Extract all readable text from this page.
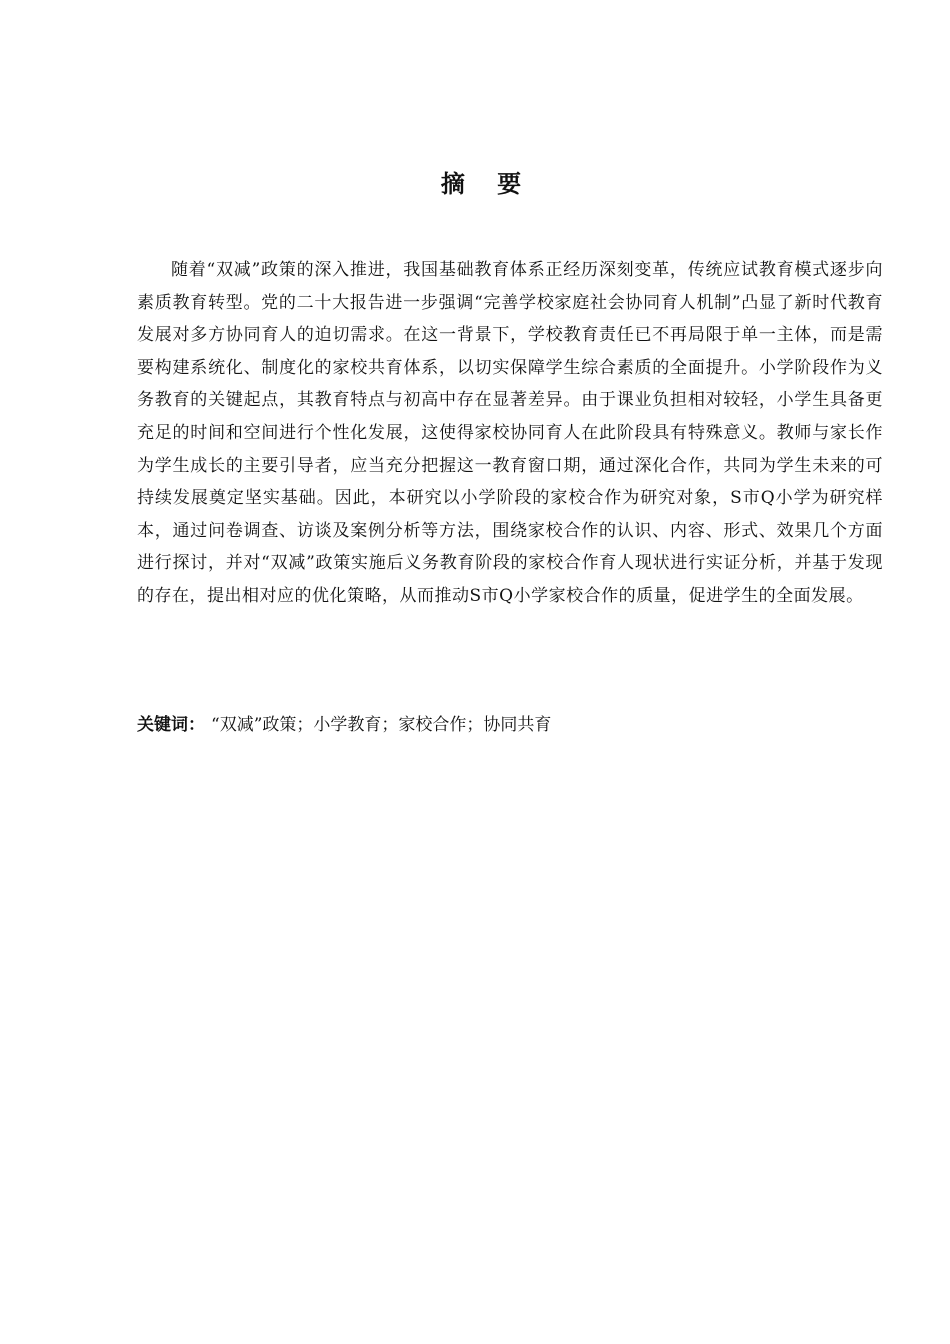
摘 要

随着“双减”政策的深入推进，我国基础教育体系正经历深刻变革，传统应试教育模式逐步向素质教育转型。党的二十大报告进一步强调“完善学校家庭社会协同育人机制”凸显了新时代教育发展对多方协同育人的迫切需求。在这一背景下，学校教育责任已不再局限于单一主体，而是需要构建系统化、制度化的家校共育体系，以切实保障学生综合素质的全面提升。小学阶段作为义务教育的关键起点，其教育特点与初高中存在显著差异。由于课业负担相对较轻，小学生具备更充足的时间和空间进行个性化发展，这使得家校协同育人在此阶段具有特殊意义。教师与家长作为学生成长的主要引导者，应当充分把握这一教育窗口期，通过深化合作，共同为学生未来的可持续发展奠定坚实基础。因此，本研究以小学阶段的家校合作为研究对象，S市Q小学为研究样本，通过问卷调查、访谈及案例分析等方法，围绕家校合作的认识、内容、形式、效果几个方面进行探讨，并对“双减”政策实施后义务教育阶段的家校合作育人现状进行实证分析，并基于发现的存在，提出相对应的优化策略，从而推动S市Q小学家校合作的质量，促进学生的全面发展。

关键词： “双减”政策；小学教育；家校合作；协同共育
